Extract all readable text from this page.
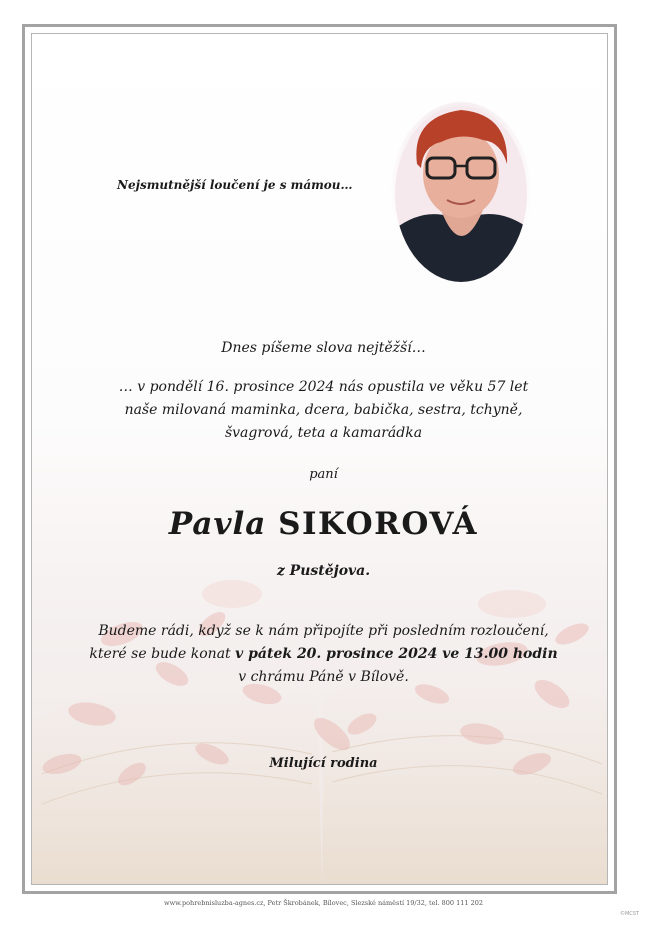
Nejsmutnější loučení je s mámou…
Dnes píšeme slova nejtěžší…
… v pondělí 16. prosince 2024 nás opustila ve věku 57 let
naše milovaná maminka, dcera, babička, sestra, tchyně,
švagrová, teta a kamarádka
paní
Pavla SIKOROVÁ
z Pustějova.
Budeme rádi, když se k nám připojíte při posledním rozloučení,
které se bude konat v pátek 20. prosince 2024 ve 13.00 hodin
v chrámu Páně v Bílově.
Milující rodina
www.pohrebnisluzba-agnes.cz, Petr Škrobánek, Bílovec, Slezské náměstí 19/32, tel. 800 111 202
©MCST
